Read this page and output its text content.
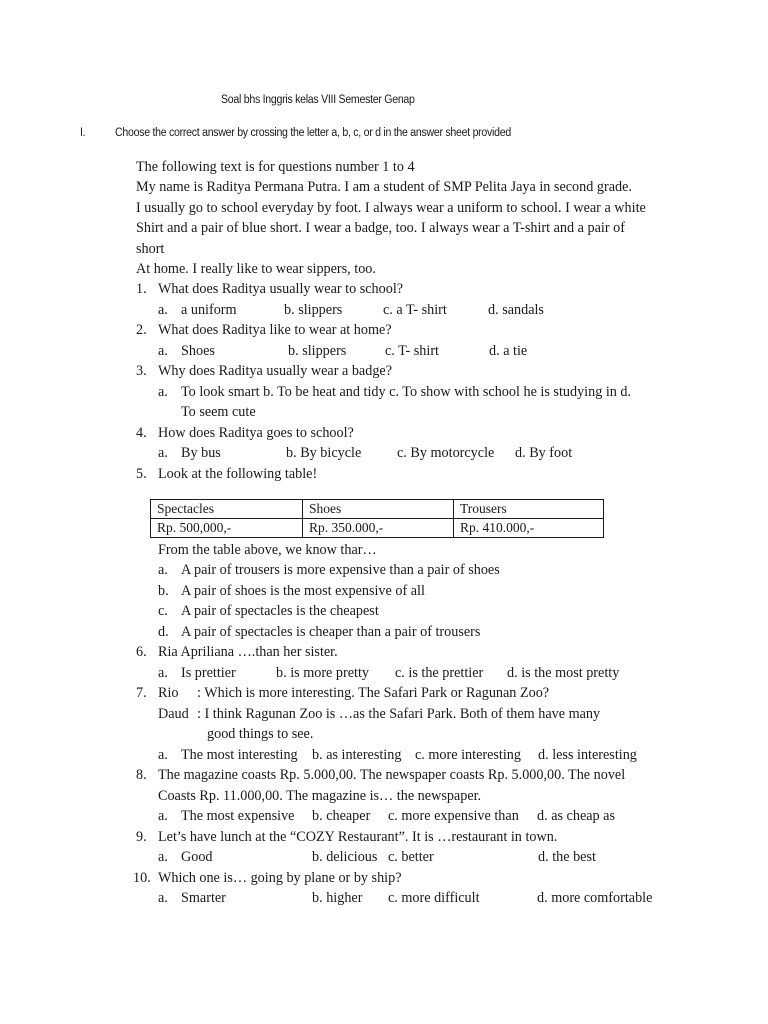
Soal bhs Inggris kelas VIII Semester Genap
I.	Choose the correct answer by crossing the letter a, b, c, or d in the answer sheet provided
The following text is for questions number 1 to 4
My name is Raditya Permana Putra. I am a student of SMP Pelita Jaya in second grade.
I usually go to school everyday by foot. I always wear a uniform to school. I wear a white
Shirt and a pair of blue short. I wear a badge, too. I always wear a T-shirt and a pair of
short
At home. I really like to wear sippers, too.
1. What does Raditya usually wear to school?
a. a uniform	b. slippers	c. a T- shirt	d. sandals
2. What does Raditya like to wear at home?
a. Shoes	b. slippers	c. T- shirt	d. a tie
3. Why does Raditya usually wear a badge?
a. To look smart b. To be heat and tidy c. To show with school he is studying in d.
To seem cute
4. How does Raditya goes to school?
a. By bus	b. By bicycle	c. By motorcycle d. By foot
5. Look at the following table!
Spectacles	Shoes	Trousers
Rp. 500,000,-	Rp. 350.000,-	Rp. 410.000,-
From the table above, we know thar…
a. A pair of trousers is more expensive than a pair of shoes
b. A pair of shoes is the most expensive of all
c. A pair of spectacles is the cheapest
d. A pair of spectacles is cheaper than a pair of trousers
6. Ria Apriliana ….than her sister.
a. Is prettier	b. is more pretty c. is the prettier d. is the most pretty
7. Rio : Which is more interesting. The Safari Park or Ragunan Zoo?
Daud : I think Ragunan Zoo is …as the Safari Park. Both of them have many
good things to see.
a. The most interesting b. as interesting c. more interesting d. less interesting
8. The magazine coasts Rp. 5.000,00. The newspaper coasts Rp. 5.000,00. The novel
Coasts Rp. 11.000,00. The magazine is… the newspaper.
a. The most expensive b. cheaper c. more expensive than d. as cheap as
9. Let’s have lunch at the “COZY Restaurant”. It is …restaurant in town.
a. Good	b. delicious c. better	d. the best
10. Which one is… going by plane or by ship?
a. Smarter	b. higher c. more difficult	d. more comfortable
